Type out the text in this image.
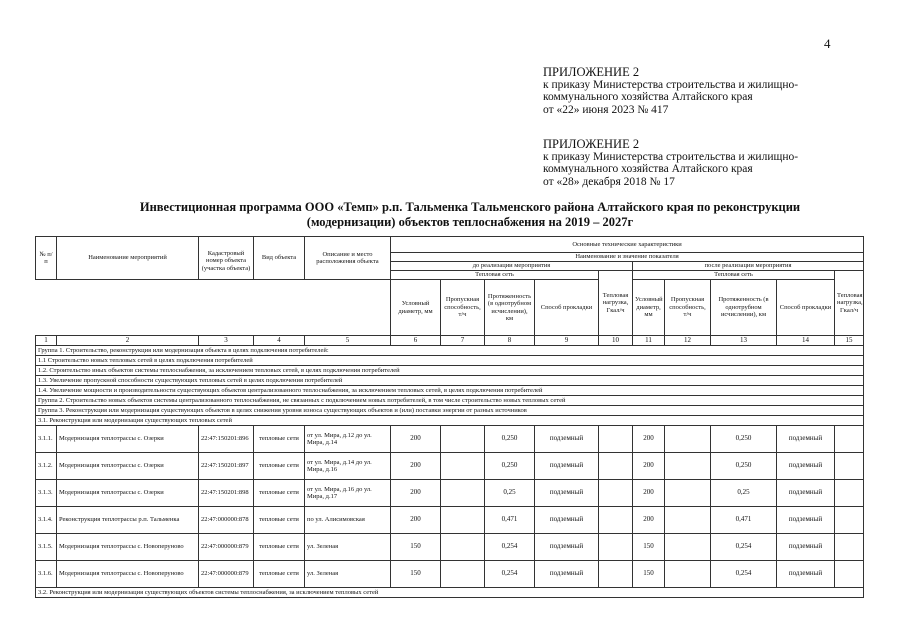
4
ПРИЛОЖЕНИЕ 2
к приказу Министерства строительства и жилищно-
коммунального хозяйства Алтайского края
от «22» июня 2023 № 417
ПРИЛОЖЕНИЕ 2
к приказу Министерства строительства и жилищно-
коммунального хозяйства Алтайского края
от «28» декабря 2018 № 17
Инвестиционная программа ООО «Темп» р.п. Тальменка Тальменского района Алтайского края по реконструкции
(модернизации) объектов теплоснабжения на 2019 – 2027г
№ п/п	Наименование мероприятий	Кадастровый номер объекта (участка объекта)	Вид объекта	Описание и место расположения объекта	Основные технические характеристики									
					Наименование и значение показателя									
					до реализации мероприятия					после реализации мероприятия				
					Тепловая сеть				Тепловая нагрузка, Гкал/ч	Тепловая сеть				Тепловая нагрузка, Гкал/ч
					Условный диаметр, мм	Пропускная способность, т/ч	Протяженность (в однотрубном исчислении), км	Способ прокладки		Условный диаметр, мм	Пропускная способность, т/ч	Протяженность (в однотрубном исчислении), км	Способ прокладки	
1	2	3	4	5	6	7	8	9	10	11	12	13	14	15
Группа 1. Строительство, реконструкция или модернизация объекта в целях подключения потребителей:														
1.1 Строительство новых тепловых сетей в целях подключения потребителей														
1.2. Строительство иных объектов системы теплоснабжения, за исключением тепловых сетей, в целях подключения потребителей														
1.3. Увеличение пропускной способности существующих тепловых сетей в целях подключения потребителей														
1.4. Увеличение мощности и производительности существующих объектов централизованного теплоснабжения, за исключением тепловых сетей, в целях подключения потребителей														
Группа 2. Строительство новых объектов системы централизованного теплоснабжения, не связанных с подключением новых потребителей, в том числе строительство новых тепловых сетей														
Группа 3. Реконструкция или модернизация существующих объектов в целях снижения уровня износа существующих объектов и (или) поставки энергии от разных источников														
3.1. Реконструкция или модернизация существующих тепловых сетей														
3.1.1.	Модернизация теплотрассы с. Озерки	22:47:150201:896	тепловые сети	от ул. Мира, д.12 до ул. Мира, д.14	200		0,250	подземный		200		0,250	подземный	
3.1.2.	Модернизация теплотрассы с. Озерки	22:47:150201:897	тепловые сети	от ул. Мира, д.14 до ул. Мира, д.16	200		0,250	подземный		200		0,250	подземный	
3.1.3.	Модернизация теплотрассы с. Озерки	22:47:150201:898	тепловые сети	от ул. Мира, д.16 до ул. Мира, д.17	200		0,25	подземный		200		0,25	подземный	
3.1.4.	Реконструкция теплотрассы р.п. Тальменка	22:47:000000:878	тепловые сети	по ул. Алисимовская	200		0,471	подземный		200		0,471	подземный	
3.1.5.	Модернизация теплотрассы с. Новоперуново	22:47:000000:879	тепловые сети	ул. Зеленая	150		0,254	подземный		150		0,254	подземный	
3.1.6.	Модернизация теплотрассы с. Новоперуново	22:47:000000:879	тепловые сети	ул. Зеленая	150		0,254	подземный		150		0,254	подземный	
3.2. Реконструкция или модернизация существующих объектов системы теплоснабжения, за исключением тепловых сетей														
